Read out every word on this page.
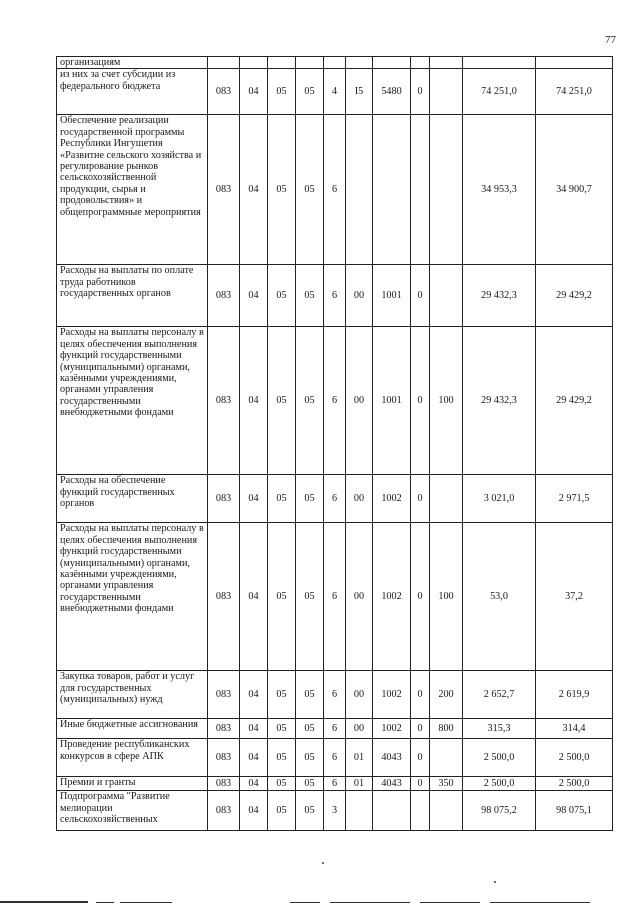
77
организациям											
из них за счет субсидии из федерального бюджета	083	04	05	05	4	I5	5480	0		74 251,0	74 251,0
Обеспечение реализации государственной программы Республики Ингушетия «Развитие сельского хозяйства и регулирование рынков сельскохозяйственной продукции, сырья и продовольствия» и общепрограммные мероприятия	083	04	05	05	6					34 953,3	34 900,7
Расходы на выплаты по оплате труда работников государственных органов	083	04	05	05	6	00	1001	0		29 432,3	29 429,2
Расходы на выплаты персоналу в целях обеспечения выполнения функций государственными (муниципальными) органами, казёнными учреждениями, органами управления государственными внебюджетными фондами	083	04	05	05	6	00	1001	0	100	29 432,3	29 429,2
Расходы на обеспечение функций государственных органов	083	04	05	05	6	00	1002	0		3 021,0	2 971,5
Расходы на выплаты персоналу в целях обеспечения выполнения функций государственными (муниципальными) органами, казёнными учреждениями, органами управления государственными внебюджетными фондами	083	04	05	05	6	00	1002	0	100	53,0	37,2
Закупка товаров, работ и услуг для государственных (муниципальных) нужд	083	04	05	05	6	00	1002	0	200	2 652,7	2 619,9
Иные бюджетные ассигнования	083	04	05	05	6	00	1002	0	800	315,3	314,4
Проведение республиканских конкурсов в сфере АПК	083	04	05	05	6	01	4043	0		2 500,0	2 500,0
Премии и гранты	083	04	05	05	6	01	4043	0	350	2 500,0	2 500,0
Подпрограмма "Развитие мелиорации сельскохозяйственных	083	04	05	05	3					98 075,2	98 075,1
